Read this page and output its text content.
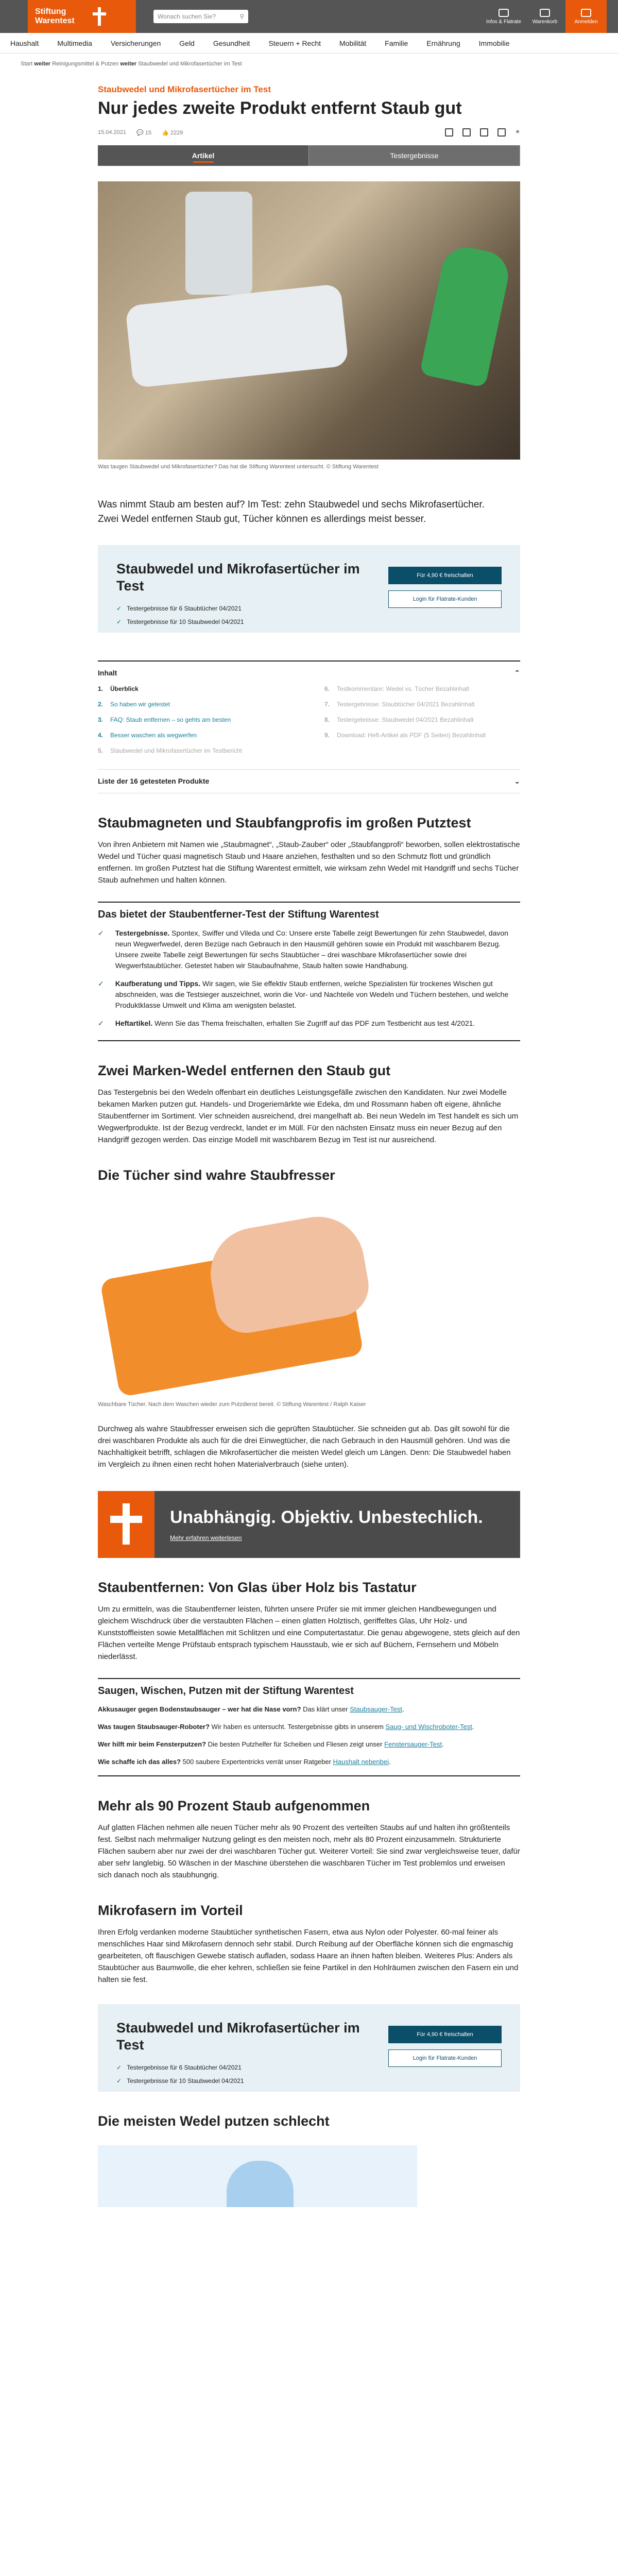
Stiftung Warentest	Wonach suchen Sie?	⚲
Infos & Flatrate Warenkorb	Anmelden
Haushalt	Multimedia	Versicherungen	Geld	Gesundheit	Steuern + Recht	Mobilität	Familie	Ernährung	Immobilie
Start weiter Reinigungsmittel & Putzen weiter Staubwedel und Mikrofasertücher im Test
Staubwedel und Mikrofasertücher im Test
Nur jedes zweite Produkt entfernt Staub gut
15.04.2021 💬 15 👍 2229	★
Artikel	Testergebnisse
Was taugen Staubwedel und Mikrofasertücher? Das hat die Stiftung Warentest untersucht. © Stiftung Warentest

Was nimmt Staub am besten auf? Im Test: zehn Staubwedel und sechs Mikrofasertücher. Zwei Wedel entfernen Staub gut, Tücher können es allerdings meist besser.

Staubwedel und Mikrofasertücher im Test
✓ Testergebnisse für 6 Staubtücher 04/2021
✓ Testergebnisse für 10 Staubwedel 04/2021
Für 4,90 € freischalten
Login für Flatrate-Kunden
Inhalt	⌃
1.	Überblick
2.	So haben wir getestet
3.	FAQ: Staub entfernen – so gehts am besten
4.	Besser waschen als wegwerfen
5.	Staubwedel und Mikrofasertücher im Testbericht
6.	Testkommentare: Wedel vs. Tücher Bezahlinhalt
7.	Testergebnisse: Staubtücher 04/2021 Bezahlinhalt
8.	Testergebnisse: Staubwedel 04/2021 Bezahlinhalt
9.	Download: Heft-Artikel als PDF (5 Seiten) Bezahlinhalt
Liste der 16 getesteten Produkte	⌄
Staubmagneten und Staubfangprofis im großen Putztest

Von ihren Anbietern mit Namen wie „Staubmagnet“, „Staub-Zauber“ oder „Staubfangprofi“ beworben, sollen elektrostatische Wedel und Tücher quasi magnetisch Staub und Haare anziehen, festhalten und so den Schmutz flott und gründlich entfernen. Im großen Putztest hat die Stiftung Warentest ermittelt, wie wirksam zehn Wedel mit Handgriff und sechs Tücher Staub aufnehmen und halten können.

Das bietet der Staubentferner-Test der Stiftung Warentest
✓ Testergebnisse. Spontex, Swiffer und Vileda und Co: Unsere erste Tabelle zeigt Bewertungen für zehn Staubwedel, davon neun Wegwerfwedel, deren Bezüge nach Gebrauch in den Hausmüll gehören sowie ein Produkt mit waschbarem Bezug. Unsere zweite Tabelle zeigt Bewertungen für sechs Staubtücher – drei waschbare Mikrofasertücher sowie drei Wegwerfstaubtücher. Getestet haben wir Staubaufnahme, Staub halten sowie Handhabung.
✓ Kaufberatung und Tipps. Wir sagen, wie Sie effektiv Staub entfernen, welche Spezialisten für trockenes Wischen gut abschneiden, was die Testsieger auszeichnet, worin die Vor- und Nachteile von Wedeln und Tüchern bestehen, und welche Produktklasse Umwelt und Klima am wenigsten belastet.
✓ Heftartikel. Wenn Sie das Thema freischalten, erhalten Sie Zugriff auf das PDF zum Testbericht aus test 4/2021.
Zwei Marken-Wedel entfernen den Staub gut

Das Testergebnis bei den Wedeln offenbart ein deutliches Leistungsgefälle zwischen den Kandidaten. Nur zwei Modelle bekamen Marken putzen gut. Handels- und Drogeriemärkte wie Edeka, dm und Rossmann haben oft eigene, ähnliche Staubentferner im Sortiment. Vier schneiden ausreichend, drei mangelhaft ab. Bei neun Wedeln im Test handelt es sich um Wegwerfprodukte. Ist der Bezug verdreckt, landet er im Müll. Für den nächsten Einsatz muss ein neuer Bezug auf den Handgriff gezogen werden. Das einzige Modell mit waschbarem Bezug im Test ist nur ausreichend.

Die Tücher sind wahre Staubfresser
Waschbare Tücher. Nach dem Waschen wieder zum Putzdienst bereit. © Stiftung Warentest / Ralph Kaiser

Durchweg als wahre Staubfresser erweisen sich die geprüften Staubtücher. Sie schneiden gut ab. Das gilt sowohl für die drei waschbaren Produkte als auch für die drei Einwegtücher, die nach Gebrauch in den Hausmüll gehören. Und was die Nachhaltigkeit betrifft, schlagen die Mikrofasertücher die meisten Wedel gleich um Längen. Denn: Die Staubwedel haben im Vergleich zu ihnen einen recht hohen Materialverbrauch (siehe unten).

Unabhängig. Objektiv. Unbestechlich.
Mehr erfahren weiterlesen
Staubentfernen: Von Glas über Holz bis Tastatur

Um zu ermitteln, was die Staubentferner leisten, führten unsere Prüfer sie mit immer gleichen Handbewegungen und gleichem Wischdruck über die verstaubten Flächen – einen glatten Holztisch, geriffeltes Glas, Uhr Holz- und Kunststoffleisten sowie Metallflächen mit Schlitzen und eine Computertastatur. Die genau abgewogene, stets gleich auf den Flächen verteilte Menge Prüfstaub entsprach typischem Hausstaub, wie er sich auf Büchern, Fernsehern und Möbeln niederlässt.

Saugen, Wischen, Putzen mit der Stiftung Warentest

Akkusauger gegen Bodenstaubsauger – wer hat die Nase vorn? Das klärt unser Staubsauger-Test.

Was taugen Staubsauger-Roboter? Wir haben es untersucht. Testergebnisse gibts in unserem Saug- und Wischroboter-Test.

Wer hilft mir beim Fensterputzen? Die besten Putzhelfer für Scheiben und Fliesen zeigt unser Fenstersauger-Test.

Wie schaffe ich das alles? 500 saubere Expertentricks verrät unser Ratgeber Haushalt nebenbei.

Mehr als 90 Prozent Staub aufgenommen

Auf glatten Flächen nehmen alle neuen Tücher mehr als 90 Prozent des verteilten Staubs auf und halten ihn größtenteils fest. Selbst nach mehrmaliger Nutzung gelingt es den meisten noch, mehr als 80 Prozent einzusammeln. Strukturierte Flächen saubern aber nur zwei der drei waschbaren Tücher gut. Weiterer Vorteil: Sie sind zwar vergleichsweise teuer, dafür aber sehr langlebig. 50 Wäschen in der Maschine überstehen die waschbaren Tücher im Test problemlos und erweisen sich danach noch als staubhungrig.

Mikrofasern im Vorteil

Ihren Erfolg verdanken moderne Staubtücher synthetischen Fasern, etwa aus Nylon oder Polyester. 60-mal feiner als menschliches Haar sind Mikrofasern dennoch sehr stabil. Durch Reibung auf der Oberfläche können sich die engmaschig gearbeiteten, oft flauschigen Gewebe statisch aufladen, sodass Haare an ihnen haften bleiben. Weiteres Plus: Anders als Staubtücher aus Baumwolle, die eher kehren, schließen sie feine Partikel in den Hohlräumen zwischen den Fasern ein und halten sie fest.

Staubwedel und Mikrofasertücher im Test
✓ Testergebnisse für 6 Staubtücher 04/2021
✓ Testergebnisse für 10 Staubwedel 04/2021
Für 4,90 € freischalten
Login für Flatrate-Kunden
Die meisten Wedel putzen schlecht
